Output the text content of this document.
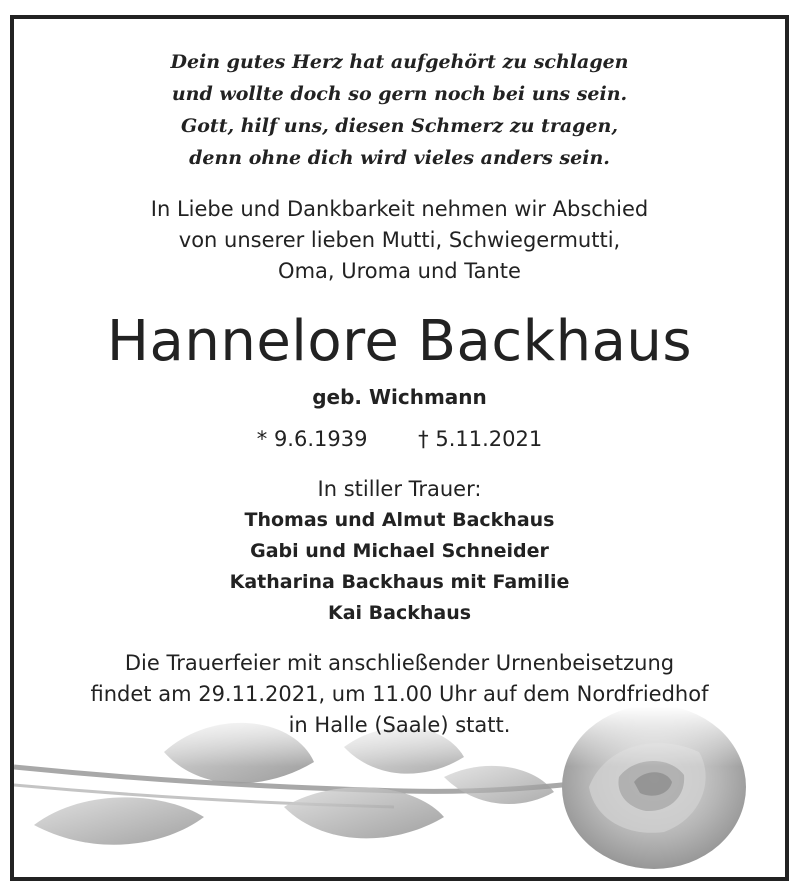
Dein gutes Herz hat aufgehört zu schlagen
und wollte doch so gern noch bei uns sein.
Gott, hilf uns, diesen Schmerz zu tragen,
denn ohne dich wird vieles anders sein.
In Liebe und Dankbarkeit nehmen wir Abschied
von unserer lieben Mutti, Schwiegermutti,
Oma, Uroma und Tante
Hannelore Backhaus
geb. Wichmann
* 9.6.1939 † 5.11.2021
In stiller Trauer:
Thomas und Almut Backhaus
Gabi und Michael Schneider
Katharina Backhaus mit Familie
Kai Backhaus
Die Trauerfeier mit anschließender Urnenbeisetzung
findet am 29.11.2021, um 11.00 Uhr auf dem Nordfriedhof
in Halle (Saale) statt.
